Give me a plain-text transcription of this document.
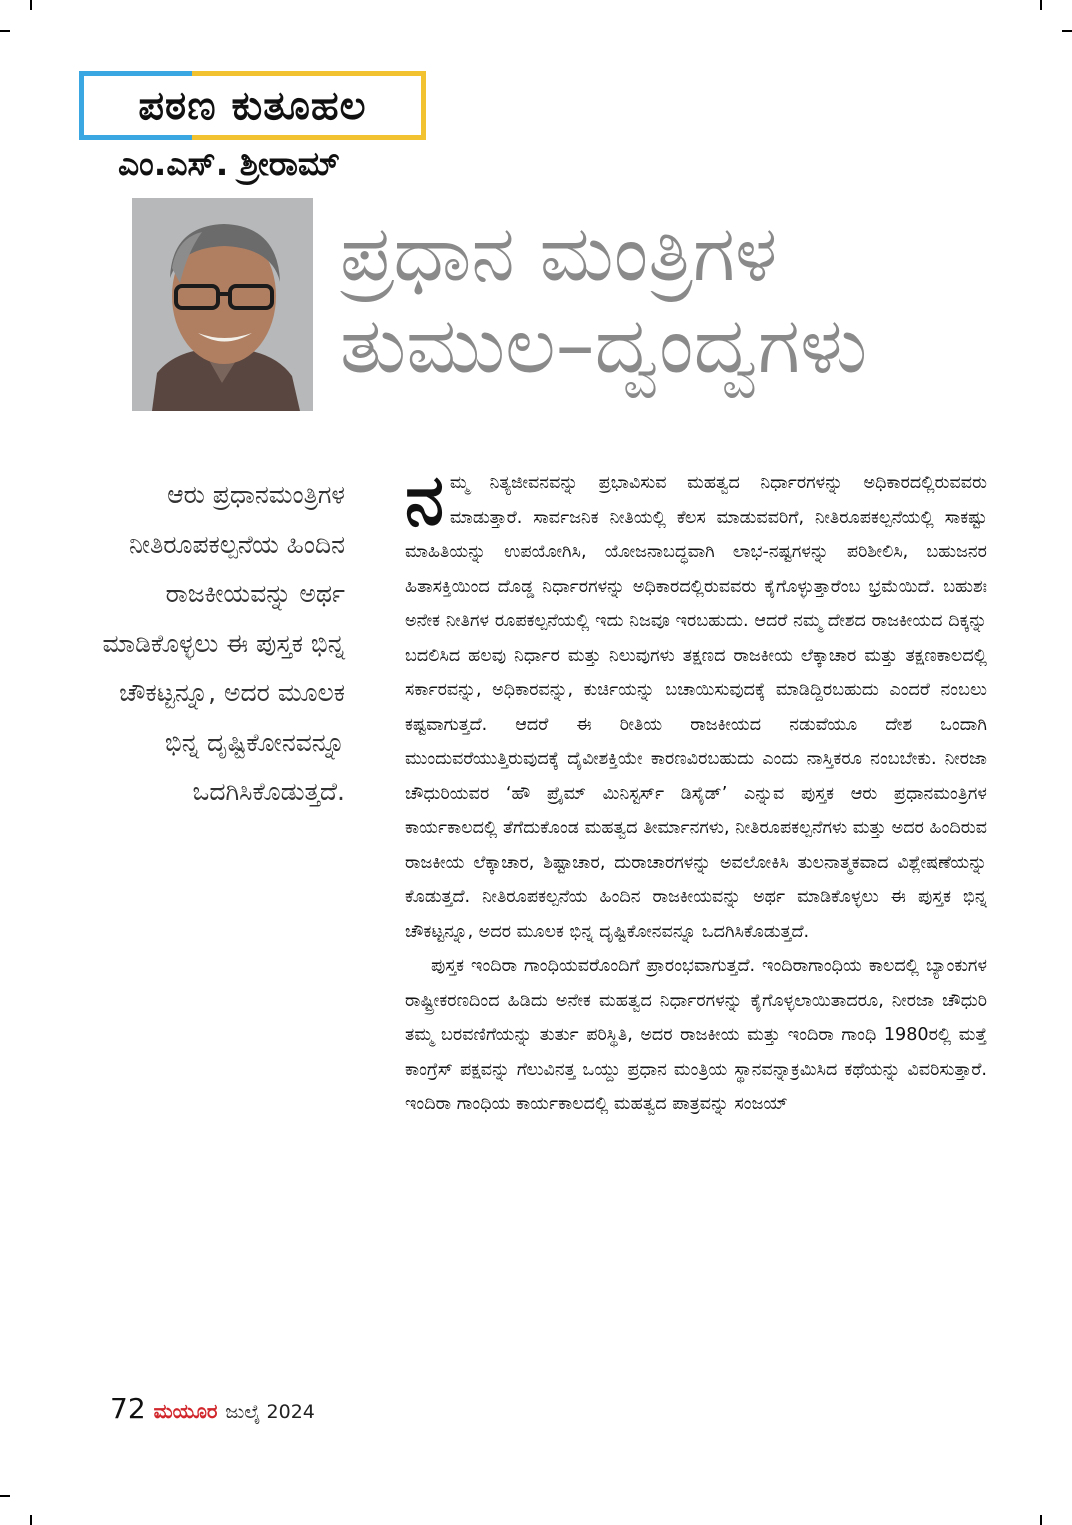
ಪಠಣ ಕುತೂಹಲ
ಎಂ.ಎಸ್. ಶ್ರೀರಾಮ್
ಪ್ರಧಾನ ಮಂತ್ರಿಗಳ
ತುಮುಲ–ದ್ವಂದ್ವಗಳು
ಆರು ಪ್ರಧಾನಮಂತ್ರಿಗಳ ನೀತಿರೂಪಕಲ್ಪನೆಯ ಹಿಂದಿನ ರಾಜಕೀಯವನ್ನು ಅರ್ಥ ಮಾಡಿಕೊಳ್ಳಲು ಈ ಪುಸ್ತಕ ಭಿನ್ನ ಚೌಕಟ್ಟನ್ನೂ, ಅದರ ಮೂಲಕ ಭಿನ್ನ ದೃಷ್ಟಿಕೋನವನ್ನೂ ಒದಗಿಸಿಕೊಡುತ್ತದೆ.

ನಮ್ಮ ನಿತ್ಯಜೀವನವನ್ನು ಪ್ರಭಾವಿಸುವ ಮಹತ್ವದ ನಿರ್ಧಾರಗಳನ್ನು ಅಧಿಕಾರದಲ್ಲಿರುವವರು ಮಾಡುತ್ತಾರೆ. ಸಾರ್ವಜನಿಕ ನೀತಿಯಲ್ಲಿ ಕೆಲಸ ಮಾಡುವವರಿಗೆ, ನೀತಿರೂಪಕಲ್ಪನೆಯಲ್ಲಿ ಸಾಕಷ್ಟು ಮಾಹಿತಿಯನ್ನು ಉಪಯೋಗಿಸಿ, ಯೋಜನಾಬದ್ಧವಾಗಿ ಲಾಭ-ನಷ್ಟಗಳನ್ನು ಪರಿಶೀಲಿಸಿ, ಬಹುಜನರ ಹಿತಾಸಕ್ತಿಯಿಂದ ದೊಡ್ಡ ನಿರ್ಧಾರಗಳನ್ನು ಅಧಿಕಾರದಲ್ಲಿರುವವರು ಕೈಗೊಳ್ಳುತ್ತಾರೆಂಬ ಭ್ರಮೆಯಿದೆ. ಬಹುಶಃ ಅನೇಕ ನೀತಿಗಳ ರೂಪಕಲ್ಪನೆಯಲ್ಲಿ ಇದು ನಿಜವೂ ಇರಬಹುದು. ಆದರೆ ನಮ್ಮ ದೇಶದ ರಾಜಕೀಯದ ದಿಕ್ಕನ್ನು ಬದಲಿಸಿದ ಹಲವು ನಿರ್ಧಾರ ಮತ್ತು ನಿಲುವುಗಳು ತಕ್ಷಣದ ರಾಜಕೀಯ ಲೆಕ್ಕಾಚಾರ ಮತ್ತು ತಕ್ಷಣಕಾಲದಲ್ಲಿ ಸರ್ಕಾರವನ್ನು, ಅಧಿಕಾರವನ್ನು, ಕುರ್ಚಿಯನ್ನು ಬಚಾಯಿಸುವುದಕ್ಕೆ ಮಾಡಿದ್ದಿರಬಹುದು ಎಂದರೆ ನಂಬಲು ಕಷ್ಟವಾಗುತ್ತದೆ. ಆದರೆ ಈ ರೀತಿಯ ರಾಜಕೀಯದ ನಡುವೆಯೂ ದೇಶ ಒಂದಾಗಿ ಮುಂದುವರೆಯುತ್ತಿರುವುದಕ್ಕೆ ದೈವೀಶಕ್ತಿಯೇ ಕಾರಣವಿರಬಹುದು ಎಂದು ನಾಸ್ತಿಕರೂ ನಂಬಬೇಕು. ನೀರಜಾ ಚೌಧುರಿಯವರ ‘ಹೌ ಪ್ರೈಮ್ ಮಿನಿಸ್ಟರ್ಸ್ ಡಿಸೈಡ್’ ಎನ್ನುವ ಪುಸ್ತಕ ಆರು ಪ್ರಧಾನಮಂತ್ರಿಗಳ ಕಾರ್ಯಕಾಲದಲ್ಲಿ ತೆಗೆದುಕೊಂಡ ಮಹತ್ವದ ತೀರ್ಮಾನಗಳು, ನೀತಿರೂಪಕಲ್ಪನೆಗಳು ಮತ್ತು ಅದರ ಹಿಂದಿರುವ ರಾಜಕೀಯ ಲೆಕ್ಕಾಚಾರ, ಶಿಷ್ಟಾಚಾರ, ದುರಾಚಾರಗಳನ್ನು ಅವಲೋಕಿಸಿ ತುಲನಾತ್ಮಕವಾದ ವಿಶ್ಲೇಷಣೆಯನ್ನು ಕೊಡುತ್ತದೆ. ನೀತಿರೂಪಕಲ್ಪನೆಯ ಹಿಂದಿನ ರಾಜಕೀಯವನ್ನು ಅರ್ಥ ಮಾಡಿಕೊಳ್ಳಲು ಈ ಪುಸ್ತಕ ಭಿನ್ನ ಚೌಕಟ್ಟನ್ನೂ, ಅದರ ಮೂಲಕ ಭಿನ್ನ ದೃಷ್ಟಿಕೋನವನ್ನೂ ಒದಗಿಸಿಕೊಡುತ್ತದೆ.

ಪುಸ್ತಕ ಇಂದಿರಾ ಗಾಂಧಿಯವರೊಂದಿಗೆ ಪ್ರಾರಂಭವಾಗುತ್ತದೆ. ಇಂದಿರಾಗಾಂಧಿಯ ಕಾಲದಲ್ಲಿ ಬ್ಯಾಂಕುಗಳ ರಾಷ್ಟ್ರೀಕರಣದಿಂದ ಹಿಡಿದು ಅನೇಕ ಮಹತ್ವದ ನಿರ್ಧಾರಗಳನ್ನು ಕೈಗೊಳ್ಳಲಾಯಿತಾದರೂ, ನೀರಜಾ ಚೌಧುರಿ ತಮ್ಮ ಬರವಣಿಗೆಯನ್ನು ತುರ್ತು ಪರಿಸ್ಥಿತಿ, ಅದರ ರಾಜಕೀಯ ಮತ್ತು ಇಂದಿರಾ ಗಾಂಧಿ 1980ರಲ್ಲಿ ಮತ್ತೆ ಕಾಂಗ್ರೆಸ್ ಪಕ್ಷವನ್ನು ಗೆಲುವಿನತ್ತ ಒಯ್ದು ಪ್ರಧಾನ ಮಂತ್ರಿಯ ಸ್ಥಾನವನ್ನಾಕ್ರಮಿಸಿದ ಕಥೆಯನ್ನು ವಿವರಿಸುತ್ತಾರೆ. ಇಂದಿರಾ ಗಾಂಧಿಯ ಕಾರ್ಯಕಾಲದಲ್ಲಿ ಮಹತ್ವದ ಪಾತ್ರವನ್ನು ಸಂಜಯ್

72 ಮಯೂರ ಜುಲೈ 2024
